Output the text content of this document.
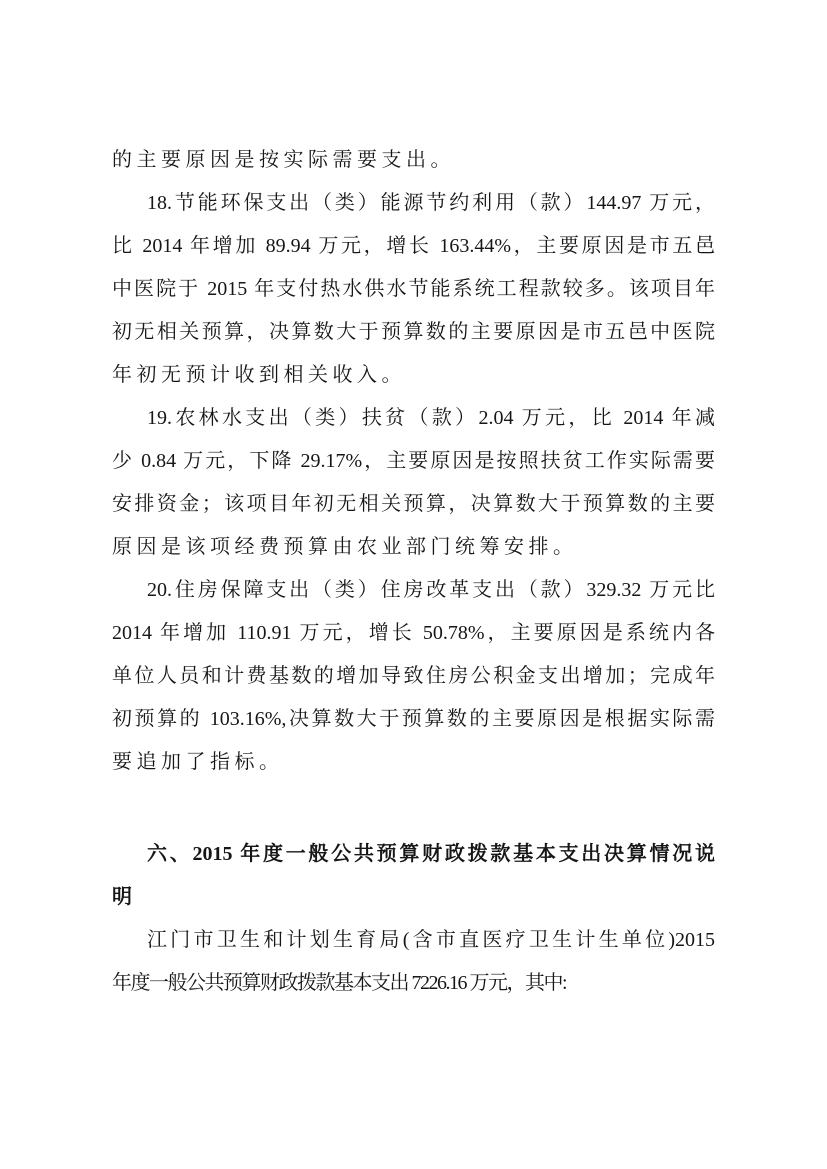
的主要原因是按实际需要支出。
18.节能环保支出（类）能源节约利用（款）144.97 万元，
比 2014 年增加 89.94 万元，增长 163.44%，主要原因是市五邑
中医院于 2015 年支付热水供水节能系统工程款较多。该项目年
初无相关预算，决算数大于预算数的主要原因是市五邑中医院
年初无预计收到相关收入。
19.农林水支出（类）扶贫（款）2.04 万元，比 2014 年减
少 0.84 万元，下降 29.17%，主要原因是按照扶贫工作实际需要
安排资金；该项目年初无相关预算，决算数大于预算数的主要
原因是该项经费预算由农业部门统筹安排。
20.住房保障支出（类）住房改革支出（款）329.32 万元比
2014 年增加 110.91 万元，增长 50.78%，主要原因是系统内各
单位人员和计费基数的增加导致住房公积金支出增加；完成年
初预算的 103.16%,决算数大于预算数的主要原因是根据实际需
要追加了指标。
六、2015 年度一般公共预算财政拨款基本支出决算情况说
明
江门市卫生和计划生育局(含市直医疗卫生计生单位)2015
年度一般公共预算财政拨款基本支出 7226.16 万元，其中:
